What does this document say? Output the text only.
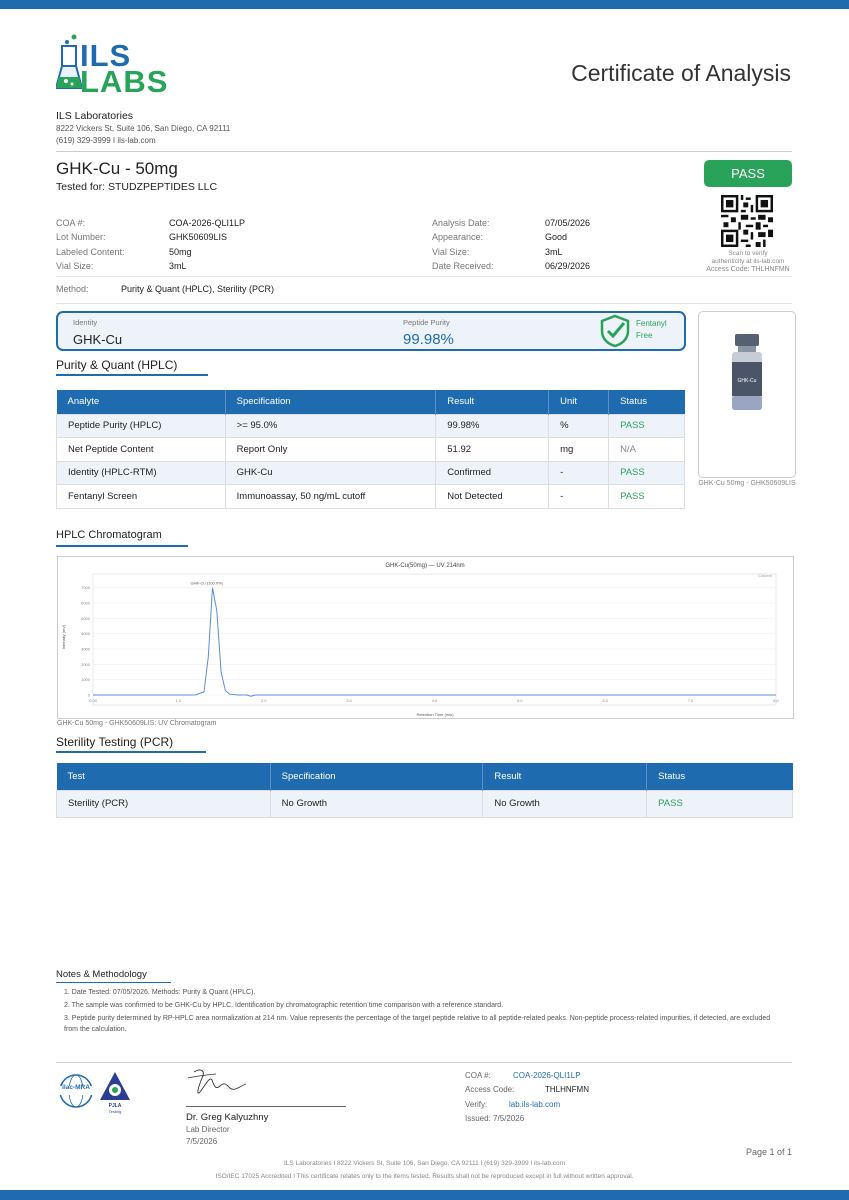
ILS
LABS	Certificate of Analysis
ILS Laboratories
8222 Vickers St, Suite 106, San Diego, CA 92111
(619) 329-3999 I ils-lab.com
GHK-Cu - 50mg
Tested for: STUDZPEPTIDES LLC
PASS
COA #:	COA-2026-QLI1LP
Lot Number:	GHK50609LIS
Labeled Content:	50mg
Vial Size:	3mL
Analysis Date:	07/05/2026
Appearance:	Good
Vial Size:	3mL
Date Received:	06/29/2026
Scan to verify
authenticity at ils-lab.com
Access Code: THLHNFMN
Method:	Purity & Quant (HPLC), Sterility (PCR)
Identity
GHK-Cu
Peptide Purity
99.98%
Fentanyl
Free
GHK-Cu
GHK-Cu 50mg - GHK50609LIS
Purity & Quant (HPLC)
Analyte	Specification	Result	Unit	Status
Peptide Purity (HPLC)	>= 95.0%	99.98%	%	PASS
Net Peptide Content	Report Only	51.92	mg	N/A
Identity (HPLC-RTM)	GHK-Cu	Confirmed	-	PASS
Fentanyl Screen	Immunoassay, 50 ng/mL cutoff	Not Detected	-	PASS
HPLC Chromatogram
GHK-Cu(50mg) — UV 214nm
Column
Intensity (mV)
Retention Time (min)
0
1000
2000
3000
4000
5000
6000
7000
0.00	1.0	2.0	3.0	4.0	5.0	6.0	7.0	8.0
GHK-Cu (100.0%)
GHK-Cu 50mg - GHK50609LIS: UV Chromatogram
Sterility Testing (PCR)
Test	Specification	Result	Status
Sterility (PCR)	No Growth	No Growth	PASS
Notes & Methodology
1. Date Tested: 07/05/2026. Methods: Purity & Quant (HPLC).
2. The sample was confirmed to be GHK-Cu by HPLC. Identification by chromatographic retention time comparison with a reference standard.
3. Peptide purity determined by RP-HPLC area normalization at 214 nm. Value represents the percentage of the target peptide relative to all peptide-related peaks. Non-peptide process-related impurities, if detected, are excluded from the calculation.
ilac-MRA
PJLA
Testing
Dr. Greg Kalyuzhny
Lab Director
7/5/2026
COA #:	COA-2026-QLI1LP
Access Code:	THLHNFMN
Verify:	lab.ils-lab.com
Issued: 7/5/2026
Page 1 of 1
ILS Laboratories I 8222 Vickers St, Suite 106, San Diego, CA 92111 I (619) 329-3999 I ils-lab.com
ISO/IEC 17025 Accredited I This certificate relates only to the items tested. Results shall not be reproduced except in full without written approval.
